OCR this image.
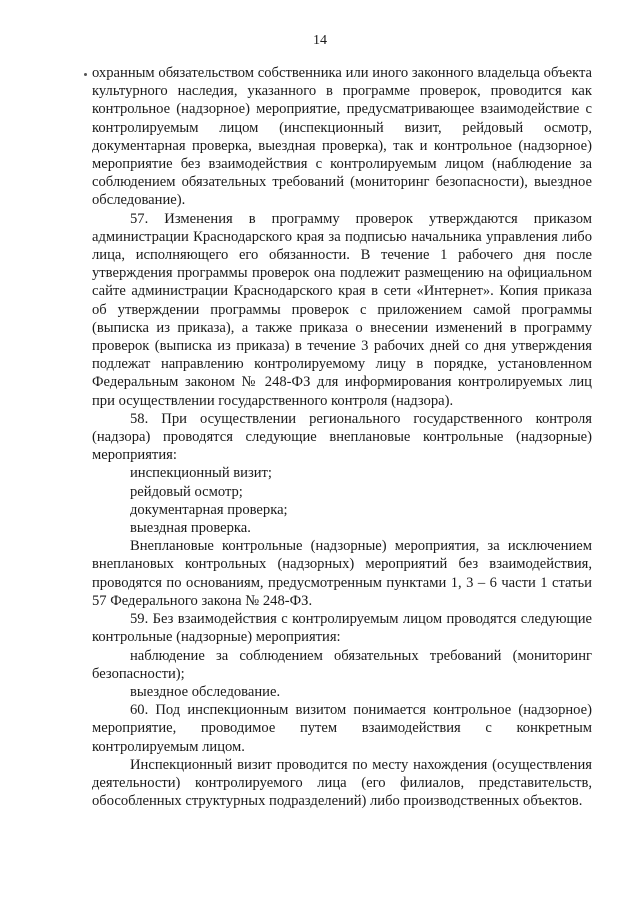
14

охранным обязательством собственника или иного законного владельца объекта культурного наследия, указанного в программе проверок, проводится как контрольное (надзорное) мероприятие, предусматривающее взаимодействие с контролируемым лицом (инспекционный визит, рейдовый осмотр, документарная проверка, выездная проверка), так и контрольное (надзорное) мероприятие без взаимодействия с контролируемым лицом (наблюдение за соблюдением обязательных требований (мониторинг безопасности), выездное обследование).

57. Изменения в программу проверок утверждаются приказом администрации Краснодарского края за подписью начальника управления либо лица, исполняющего его обязанности. В течение 1 рабочего дня после утверждения программы проверок она подлежит размещению на официальном сайте администрации Краснодарского края в сети «Интернет». Копия приказа об утверждении программы проверок с приложением самой программы (выписка из приказа), а также приказа о внесении изменений в программу проверок (выписка из приказа) в течение 3 рабочих дней со дня утверждения подлежат направлению контролируемому лицу в порядке, установленном Федеральным законом № 248-ФЗ для информирования контролируемых лиц при осуществлении государственного контроля (надзора).

58. При осуществлении регионального государственного контроля (надзора) проводятся следующие внеплановые контрольные (надзорные) мероприятия:

инспекционный визит;

рейдовый осмотр;

документарная проверка;

выездная проверка.

Внеплановые контрольные (надзорные) мероприятия, за исключением внеплановых контрольных (надзорных) мероприятий без взаимодействия, проводятся по основаниям, предусмотренным пунктами 1, 3 – 6 части 1 статьи 57 Федерального закона № 248-ФЗ.

59. Без взаимодействия с контролируемым лицом проводятся следующие контрольные (надзорные) мероприятия:

наблюдение за соблюдением обязательных требований (мониторинг безопасности);

выездное обследование.

60. Под инспекционным визитом понимается контрольное (надзорное) мероприятие, проводимое путем взаимодействия с конкретным контролируемым лицом.

Инспекционный визит проводится по месту нахождения (осуществления деятельности) контролируемого лица (его филиалов, представительств, обособленных структурных подразделений) либо производственных объектов.
